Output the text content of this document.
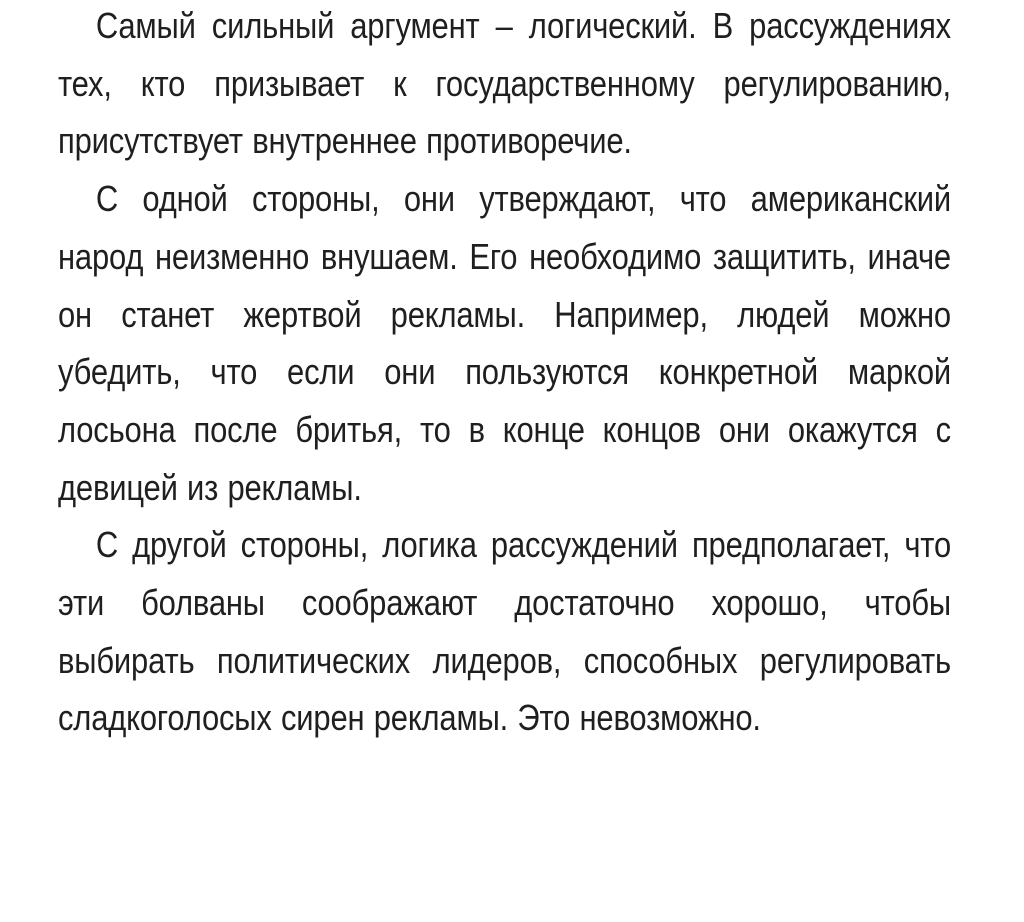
Самый сильный аргумент – логический. В рассуждениях тех, кто призывает к государственному регулированию, присутствует внутреннее противоречие.

С одной стороны, они утверждают, что американский народ неизменно внушаем. Его необходимо защитить, иначе он станет жертвой рекламы. Например, людей можно убедить, что если они пользуются конкретной маркой лосьона после бритья, то в конце концов они окажутся с девицей из рекламы.

С другой стороны, логика рассуждений предполагает, что эти болваны соображают достаточно хорошо, чтобы выбирать политических лидеров, способных регулировать сладкоголосых сирен рекламы. Это невозможно.
